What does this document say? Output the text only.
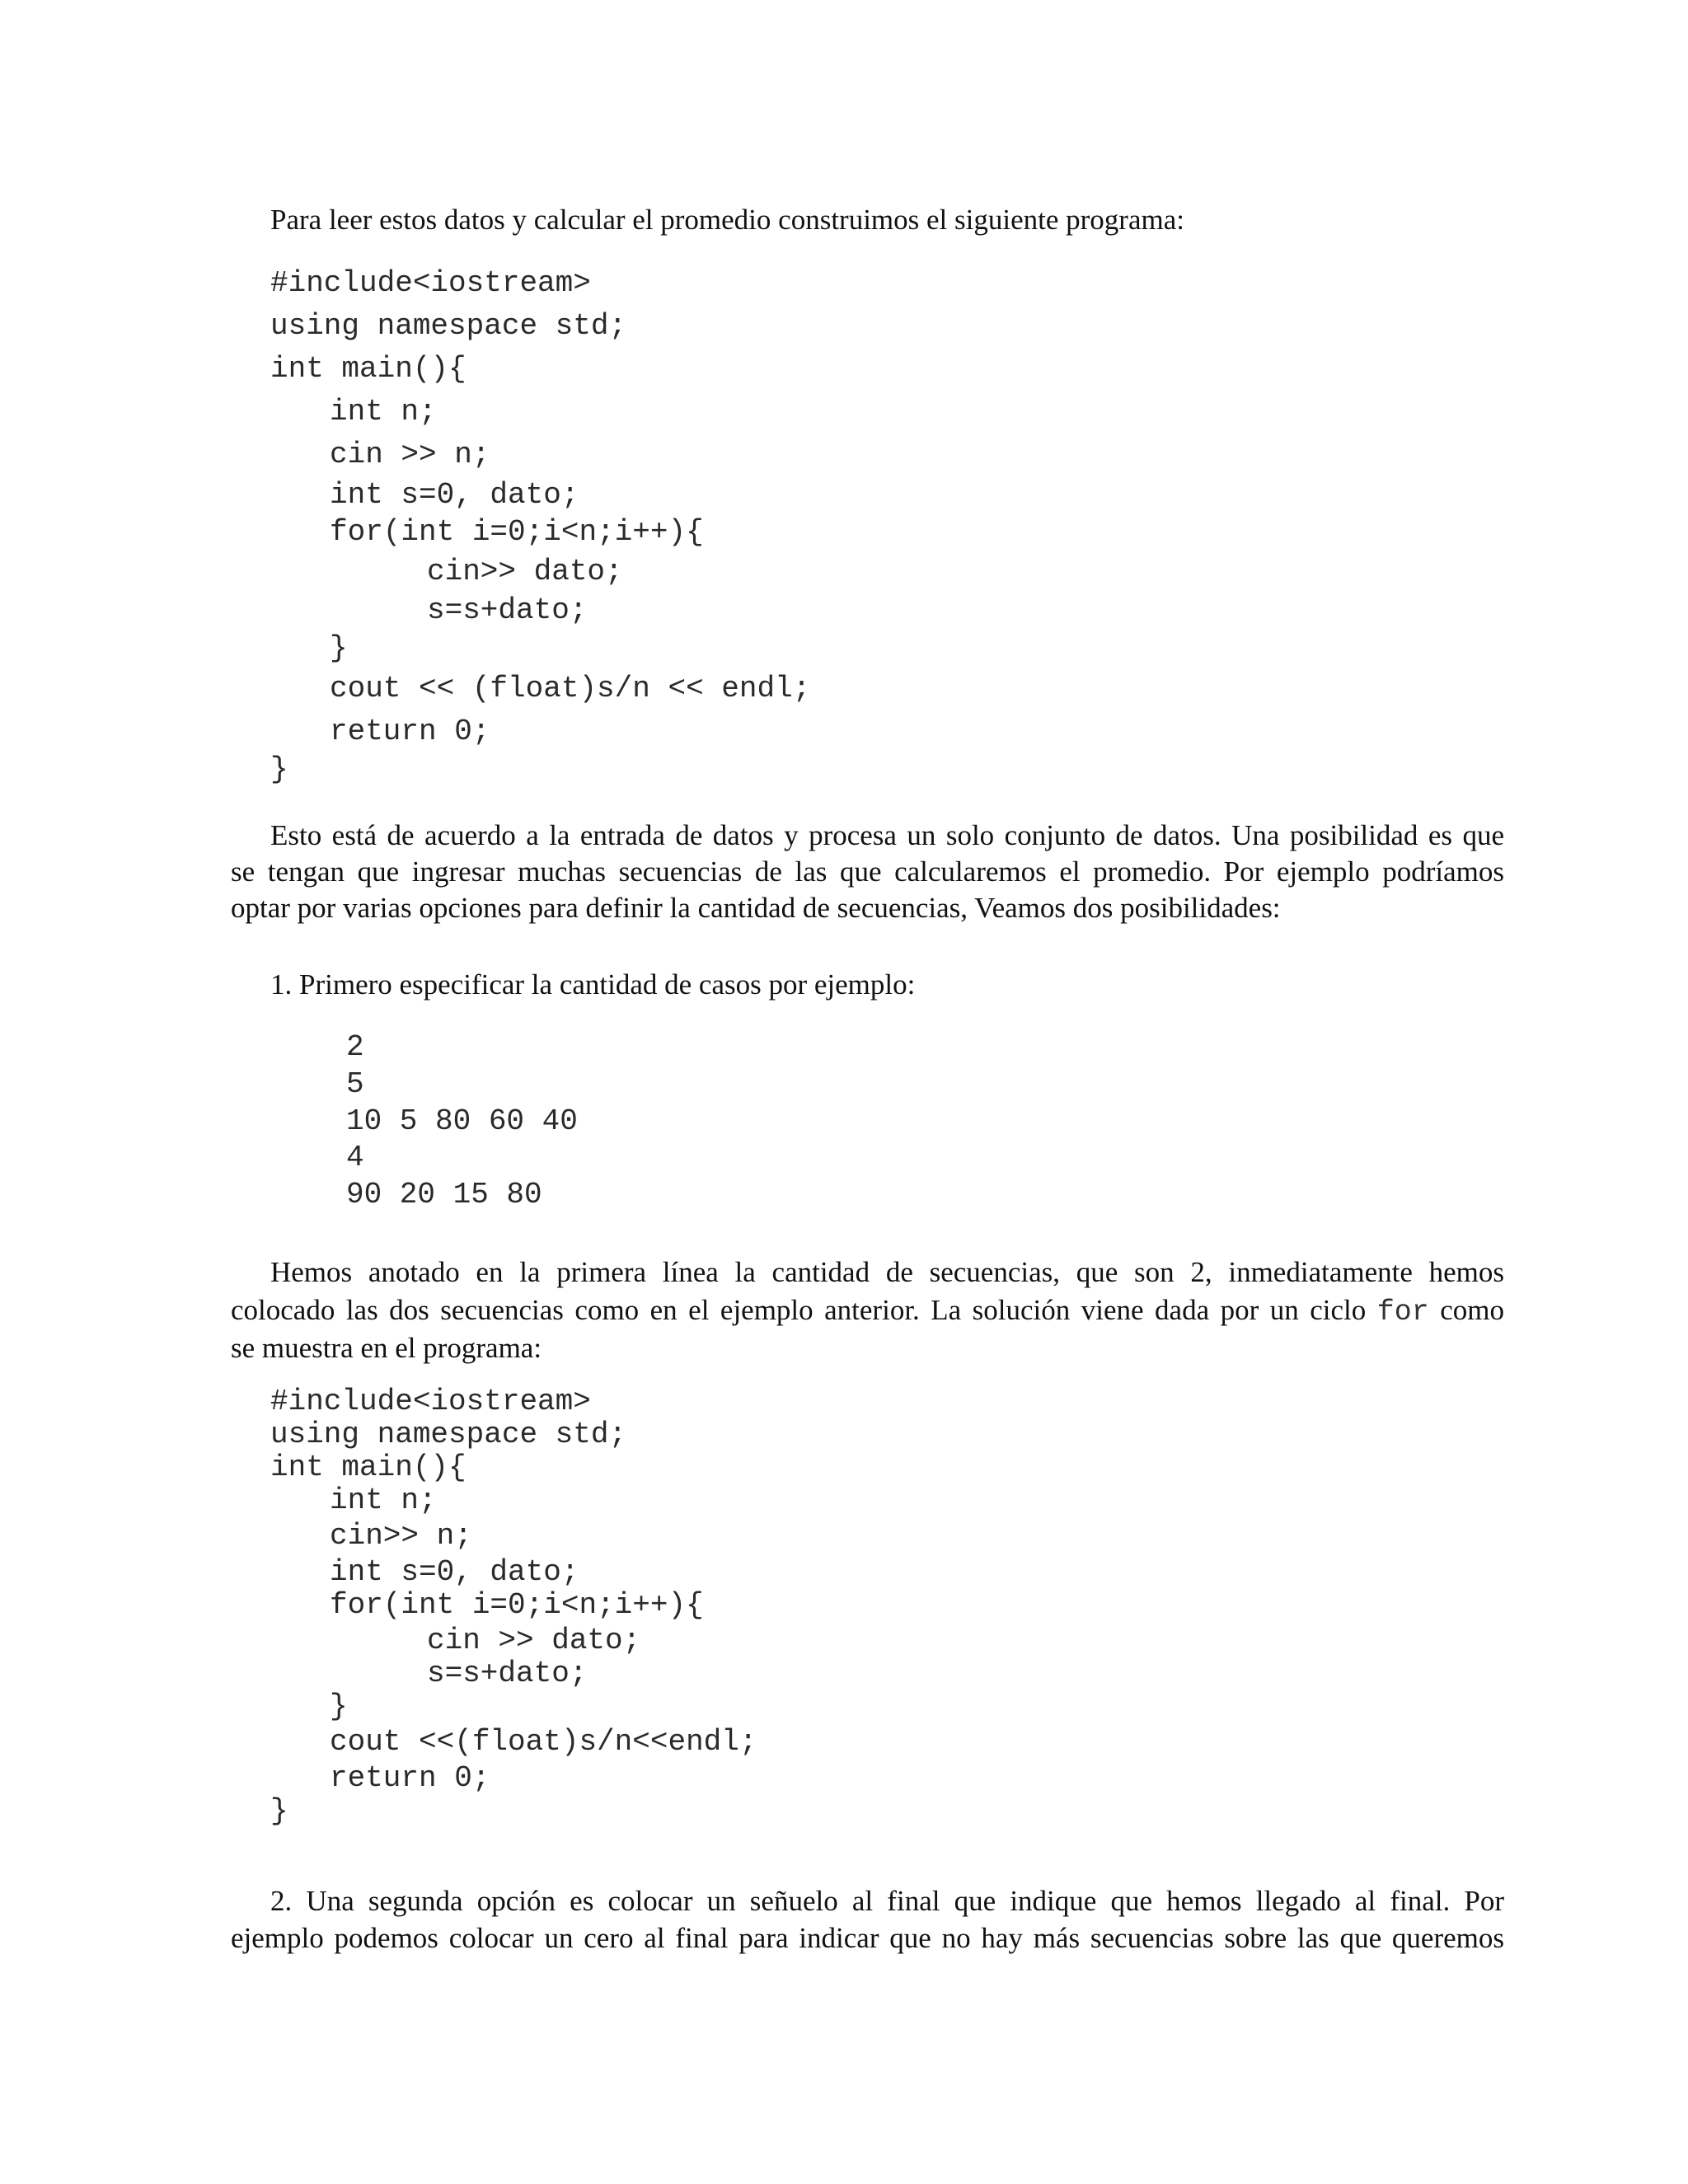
Para leer estos datos y calcular el promedio construimos el siguiente programa:
#include<iostream>
using namespace std;
int main(){
int n;
cin >> n;
int s=0, dato;
for(int i=0;i<n;i++){
cin>> dato;
s=s+dato;
}
cout << (float)s/n << endl;
return 0;
}
Esto está de acuerdo a la entrada de datos y procesa un solo conjunto de datos. Una posibilidad es que
se tengan que ingresar muchas secuencias de las que calcularemos el promedio. Por ejemplo podríamos
optar por varias opciones para definir la cantidad de secuencias, Veamos dos posibilidades:
1. Primero especificar la cantidad de casos por ejemplo:
2
5
10 5 80 60 40
4
90 20 15 80
Hemos anotado en la primera línea la cantidad de secuencias, que son 2, inmediatamente hemos
colocado las dos secuencias como en el ejemplo anterior. La solución viene dada por un ciclo for como
se muestra en el programa:
#include<iostream>
using namespace std;
int main(){
int n;
cin>> n;
int s=0, dato;
for(int i=0;i<n;i++){
cin >> dato;
s=s+dato;
}
cout <<(float)s/n<<endl;
return 0;
}
2. Una segunda opción es colocar un señuelo al final que indique que hemos llegado al final. Por
ejemplo podemos colocar un cero al final para indicar que no hay más secuencias sobre las que queremos
